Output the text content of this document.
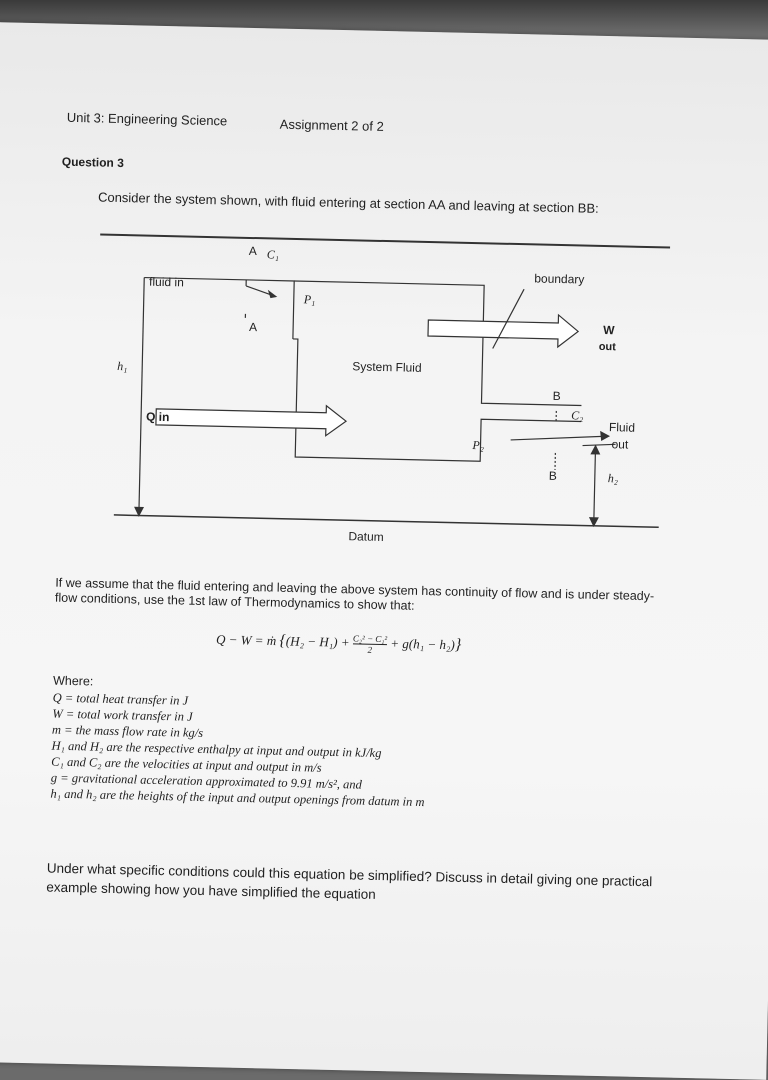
Unit 3: Engineering Science	Assignment 2 of 2
Question 3
Consider the system shown, with fluid entering at section AA and leaving at section BB:
A C₁
fluid in
P₁
A
boundary
W
out
h₁	System Fluid
B
C₂
Q in
Fluid
out
P₂
B	h₂
Datum
If we assume that the fluid entering and leaving the above system has continuity of flow and is under steady-flow conditions, use the 1st law of Thermodynamics to show that:
Q − W = ṁ $\{(H_2 - H_1) + \frac{\text{C₂² − C₁²}}{2} + g(h_1 - h_2)\}$
Where:
Q = total heat transfer in J
W = total work transfer in J
m = the mass flow rate in kg/s
H₁ and H₂ are the respective enthalpy at input and output in kJ/kg
C₁ and C₂ are the velocities at input and output in m/s
g = gravitational acceleration approximated to 9.91 m/s², and
h₁ and h₂ are the heights of the input and output openings from datum in m
Under what specific conditions could this equation be simplified? Discuss in detail giving one practical example showing how you have simplified the equation
